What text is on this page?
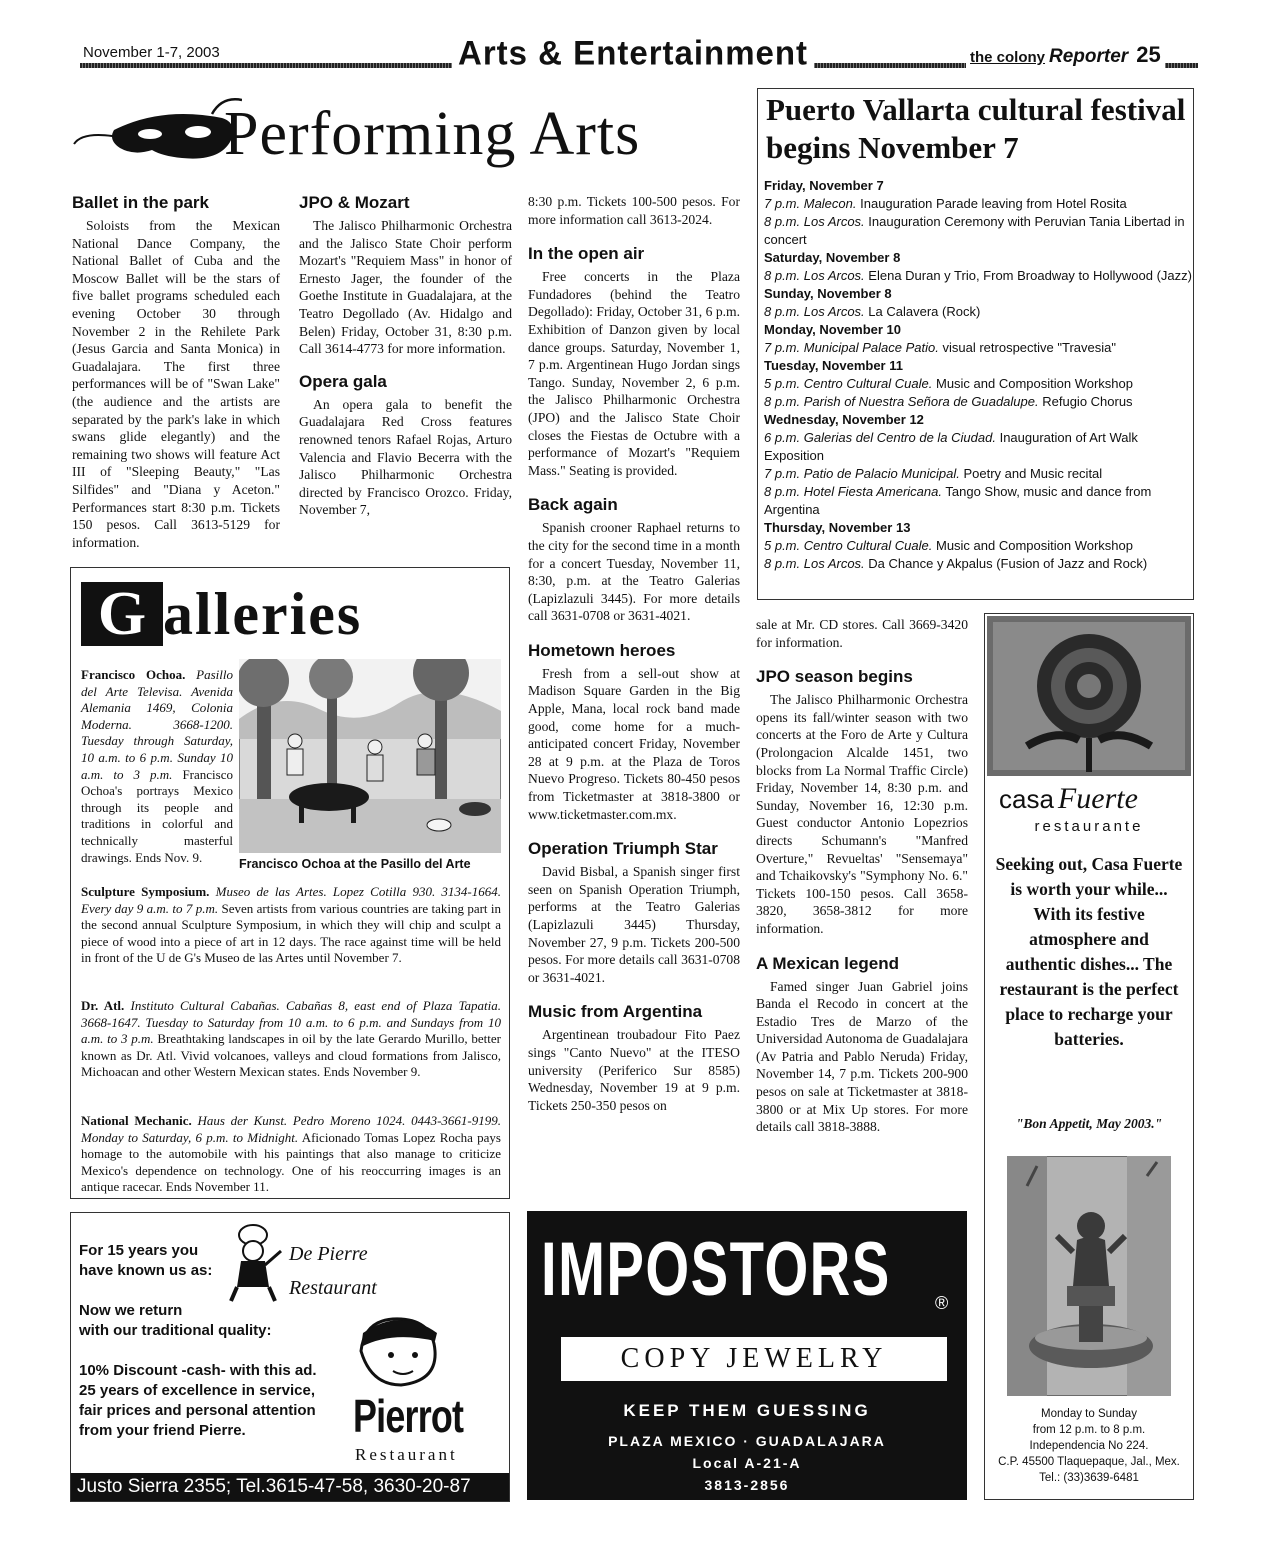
November 1-7, 2003	Arts & Entertainment	the colony Reporter 25
Performing Arts
Ballet in the park

Soloists from the Mexican National Dance Company, the National Ballet of Cuba and the Moscow Ballet will be the stars of five ballet programs scheduled each evening October 30 through November 2 in the Rehilete Park (Jesus Garcia and Santa Monica) in Guadalajara. The first three performances will be of "Swan Lake" (the audience and the artists are separated by the park's lake in which swans glide elegantly) and the remaining two shows will feature Act III of "Sleeping Beauty," "Las Silfides" and "Diana y Aceton." Performances start 8:30 p.m. Tickets 150 pesos. Call 3613-5129 for information.

JPO & Mozart

The Jalisco Philharmonic Orchestra and the Jalisco State Choir perform Mozart's "Requiem Mass" in honor of Ernesto Jager, the founder of the Goethe Institute in Guadalajara, at the Teatro Degollado (Av. Hidalgo and Belen) Friday, October 31, 8:30 p.m. Call 3614-4773 for more information.

Opera gala

An opera gala to benefit the Guadalajara Red Cross features renowned tenors Rafael Rojas, Arturo Valencia and Flavio Becerra with the Jalisco Philharmonic Orchestra directed by Francisco Orozco. Friday, November 7,

8:30 p.m. Tickets 100-500 pesos. For more information call 3613-2024.

In the open air

Free concerts in the Plaza Fundadores (behind the Teatro Degollado): Friday, October 31, 6 p.m. Exhibition of Danzon given by local dance groups. Saturday, November 1, 7 p.m. Argentinean Hugo Jordan sings Tango. Sunday, November 2, 6 p.m. the Jalisco Philharmonic Orchestra (JPO) and the Jalisco State Choir closes the Fiestas de Octubre with a performance of Mozart's "Requiem Mass." Seating is provided.

Back again

Spanish crooner Raphael returns to the city for the second time in a month for a concert Tuesday, November 11, 8:30, p.m. at the Teatro Galerias (Lapizlazuli 3445). For more details call 3631-0708 or 3631-4021.

Hometown heroes

Fresh from a sell-out show at Madison Square Garden in the Big Apple, Mana, local rock band made good, come home for a much-anticipated concert Friday, November 28 at 9 p.m. at the Plaza de Toros Nuevo Progreso. Tickets 80-450 pesos from Ticketmaster at 3818-3800 or www.ticketmaster.com.mx.

Operation Triumph Star

David Bisbal, a Spanish singer first seen on Spanish Operation Triumph, performs at the Teatro Galerias (Lapizlazuli 3445) Thursday, November 27, 9 p.m. Tickets 200-500 pesos. For more details call 3631-0708 or 3631-4021.

Music from Argentina

Argentinean troubadour Fito Paez sings "Canto Nuevo" at the ITESO university (Periferico Sur 8585) Wednesday, November 19 at 9 p.m. Tickets 250-350 pesos on

sale at Mr. CD stores. Call 3669-3420 for information.

JPO season begins

The Jalisco Philharmonic Orchestra opens its fall/winter season with two concerts at the Foro de Arte y Cultura (Prolongacion Alcalde 1451, two blocks from La Normal Traffic Circle) Friday, November 14, 8:30 p.m. and Sunday, November 16, 12:30 p.m. Guest conductor Antonio Lopezrios directs Schumann's "Manfred Overture," Revueltas' "Sensemaya" and Tchaikovsky's "Symphony No. 6." Tickets 100-150 pesos. Call 3658-3820, 3658-3812 for more information.

A Mexican legend

Famed singer Juan Gabriel joins Banda el Recodo in concert at the Estadio Tres de Marzo of the Universidad Autonoma de Guadalajara (Av Patria and Pablo Neruda) Friday, November 14, 7 p.m. Tickets 200-900 pesos on sale at Ticketmaster at 3818-3800 or at Mix Up stores. For more details call 3818-3888.

Puerto Vallarta cultural festival begins November 7
Friday, November 7
7 p.m. Malecon. Inauguration Parade leaving from Hotel Rosita
8 p.m. Los Arcos. Inauguration Ceremony with Peruvian Tania Libertad in concert
Saturday, November 8
8 p.m. Los Arcos. Elena Duran y Trio, From Broadway to Hollywood (Jazz)
Sunday, November 8
8 p.m. Los Arcos. La Calavera (Rock)
Monday, November 10
7 p.m. Municipal Palace Patio. visual retrospective "Travesia"
Tuesday, November 11
5 p.m. Centro Cultural Cuale. Music and Composition Workshop
8 p.m. Parish of Nuestra Señora de Guadalupe. Refugio Chorus
Wednesday, November 12
6 p.m. Galerias del Centro de la Ciudad. Inauguration of Art Walk Exposition
7 p.m. Patio de Palacio Municipal. Poetry and Music recital
8 p.m. Hotel Fiesta Americana. Tango Show, music and dance from Argentina
Thursday, November 13
5 p.m. Centro Cultural Cuale. Music and Composition Workshop
8 p.m. Los Arcos. Da Chance y Akpalus (Fusion of Jazz and Rock)
G alleries
Francisco Ochoa at the Pasillo del Arte

Francisco Ochoa. Pasillo del Arte Televisa. Avenida Alemania 1469, Colonia Moderna. 3668-1200. Tuesday through Saturday, 10 a.m. to 6 p.m. Sunday 10 a.m. to 3 p.m. Francisco Ochoa's portrays Mexico through its people and traditions in colorful and technically masterful drawings. Ends Nov. 9.

Sculpture Symposium. Museo de las Artes. Lopez Cotilla 930. 3134-1664. Every day 9 a.m. to 7 p.m. Seven artists from various countries are taking part in the second annual Sculpture Symposium, in which they will chip and sculpt a piece of wood into a piece of art in 12 days. The race against time will be held in front of the U de G's Museo de las Artes until November 7.

Dr. Atl. Instituto Cultural Cabañas. Cabañas 8, east end of Plaza Tapatia. 3668-1647. Tuesday to Saturday from 10 a.m. to 6 p.m. and Sundays from 10 a.m. to 3 p.m. Breathtaking landscapes in oil by the late Gerardo Murillo, better known as Dr. Atl. Vivid volcanoes, valleys and cloud formations from Jalisco, Michoacan and other Western Mexican states. Ends November 9.

National Mechanic. Haus der Kunst. Pedro Moreno 1024. 0443-3661-9199. Monday to Saturday, 6 p.m. to Midnight. Aficionado Tomas Lopez Rocha pays homage to the automobile with his paintings that also manage to criticize Mexico's dependence on technology. One of his reoccurring images is an antique racecar. Ends November 11.

For 15 years you
have known us as:
De Pierre
Restaurant
Now we return
with our traditional quality:
10% Discount -cash- with this ad.
25 years of excellence in service,
fair prices and personal attention
from your friend Pierre.	Pierrot
Restaurant
Justo Sierra 2355; Tel.3615-47-58, 3630-20-87
IMPOSTORS ®
COPY JEWELRY
KEEP THEM GUESSING
PLAZA MEXICO · GUADALAJARA
Local A-21-A
3813-2856
casa Fuerte
restaurante
Seeking out, Casa Fuerte is worth your while... With its festive atmosphere and authentic dishes... The restaurant is the perfect place to recharge your batteries.
"Bon Appetit, May 2003."
Monday to Sunday
from 12 p.m. to 8 p.m.
Independencia No 224.
C.P. 45500 Tlaquepaque, Jal., Mex.
Tel.: (33)3639-6481
